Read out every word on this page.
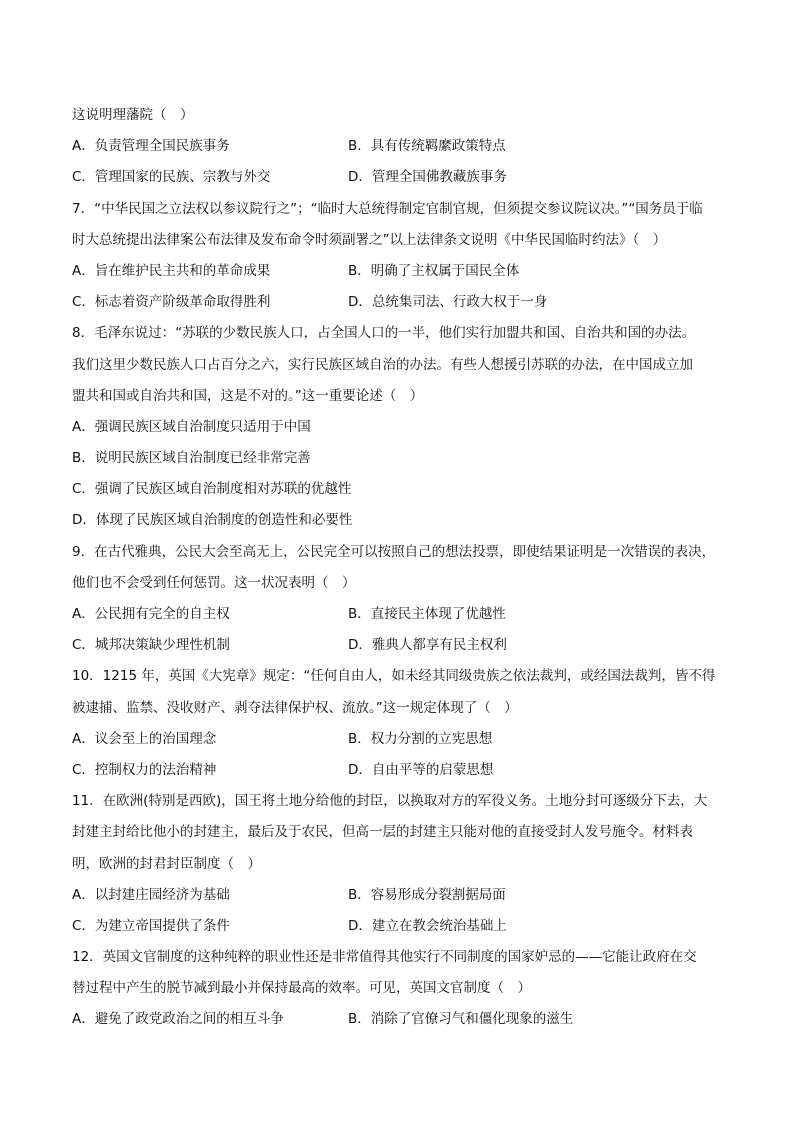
这说明理藩院（　）
A．负责管理全国民族事务	B．具有传统羁縻政策特点
C．管理国家的民族、宗教与外交	D．管理全国佛教藏族事务
7．“中华民国之立法权以参议院行之”；“临时大总统得制定官制官规，但须提交参议院议决。”“国务员于临
时大总统提出法律案公布法律及发布命令时须副署之”以上法律条文说明《中华民国临时约法》（　）
A．旨在维护民主共和的革命成果	B．明确了主权属于国民全体
C．标志着资产阶级革命取得胜利	D．总统集司法、行政大权于一身
8．毛泽东说过：“苏联的少数民族人口，占全国人口的一半，他们实行加盟共和国、自治共和国的办法。
我们这里少数民族人口占百分之六，实行民族区域自治的办法。有些人想援引苏联的办法，在中国成立加
盟共和国或自治共和国，这是不对的。”这一重要论述（　）
A．强调民族区域自治制度只适用于中国
B．说明民族区域自治制度已经非常完善
C．强调了民族区域自治制度相对苏联的优越性
D．体现了民族区域自治制度的创造性和必要性
9．在古代雅典，公民大会至高无上，公民完全可以按照自己的想法投票，即使结果证明是一次错误的表决，
他们也不会受到任何惩罚。这一状况表明（　）
A．公民拥有完全的自主权	B．直接民主体现了优越性
C．城邦决策缺少理性机制	D．雅典人都享有民主权利
10．1215 年，英国《大宪章》规定：“任何自由人，如未经其同级贵族之依法裁判，或经国法裁判，皆不得
被逮捕、监禁、没收财产、剥夺法律保护权、流放。”这一规定体现了（　）
A．议会至上的治国理念	B．权力分割的立宪思想
C．控制权力的法治精神	D．自由平等的启蒙思想
11．在欧洲(特别是西欧)，国王将土地分给他的封臣，以换取对方的军役义务。土地分封可逐级分下去，大
封建主封给比他小的封建主，最后及于农民，但高一层的封建主只能对他的直接受封人发号施令。材料表
明，欧洲的封君封臣制度（　）
A．以封建庄园经济为基础	B．容易形成分裂割据局面
C．为建立帝国提供了条件	D．建立在教会统治基础上
12．英国文官制度的这种纯粹的职业性还是非常值得其他实行不同制度的国家妒忌的——它能让政府在交
替过程中产生的脱节减到最小并保持最高的效率。可见，英国文官制度（　）
A．避免了政党政治之间的相互斗争	B．消除了官僚习气和僵化现象的滋生
